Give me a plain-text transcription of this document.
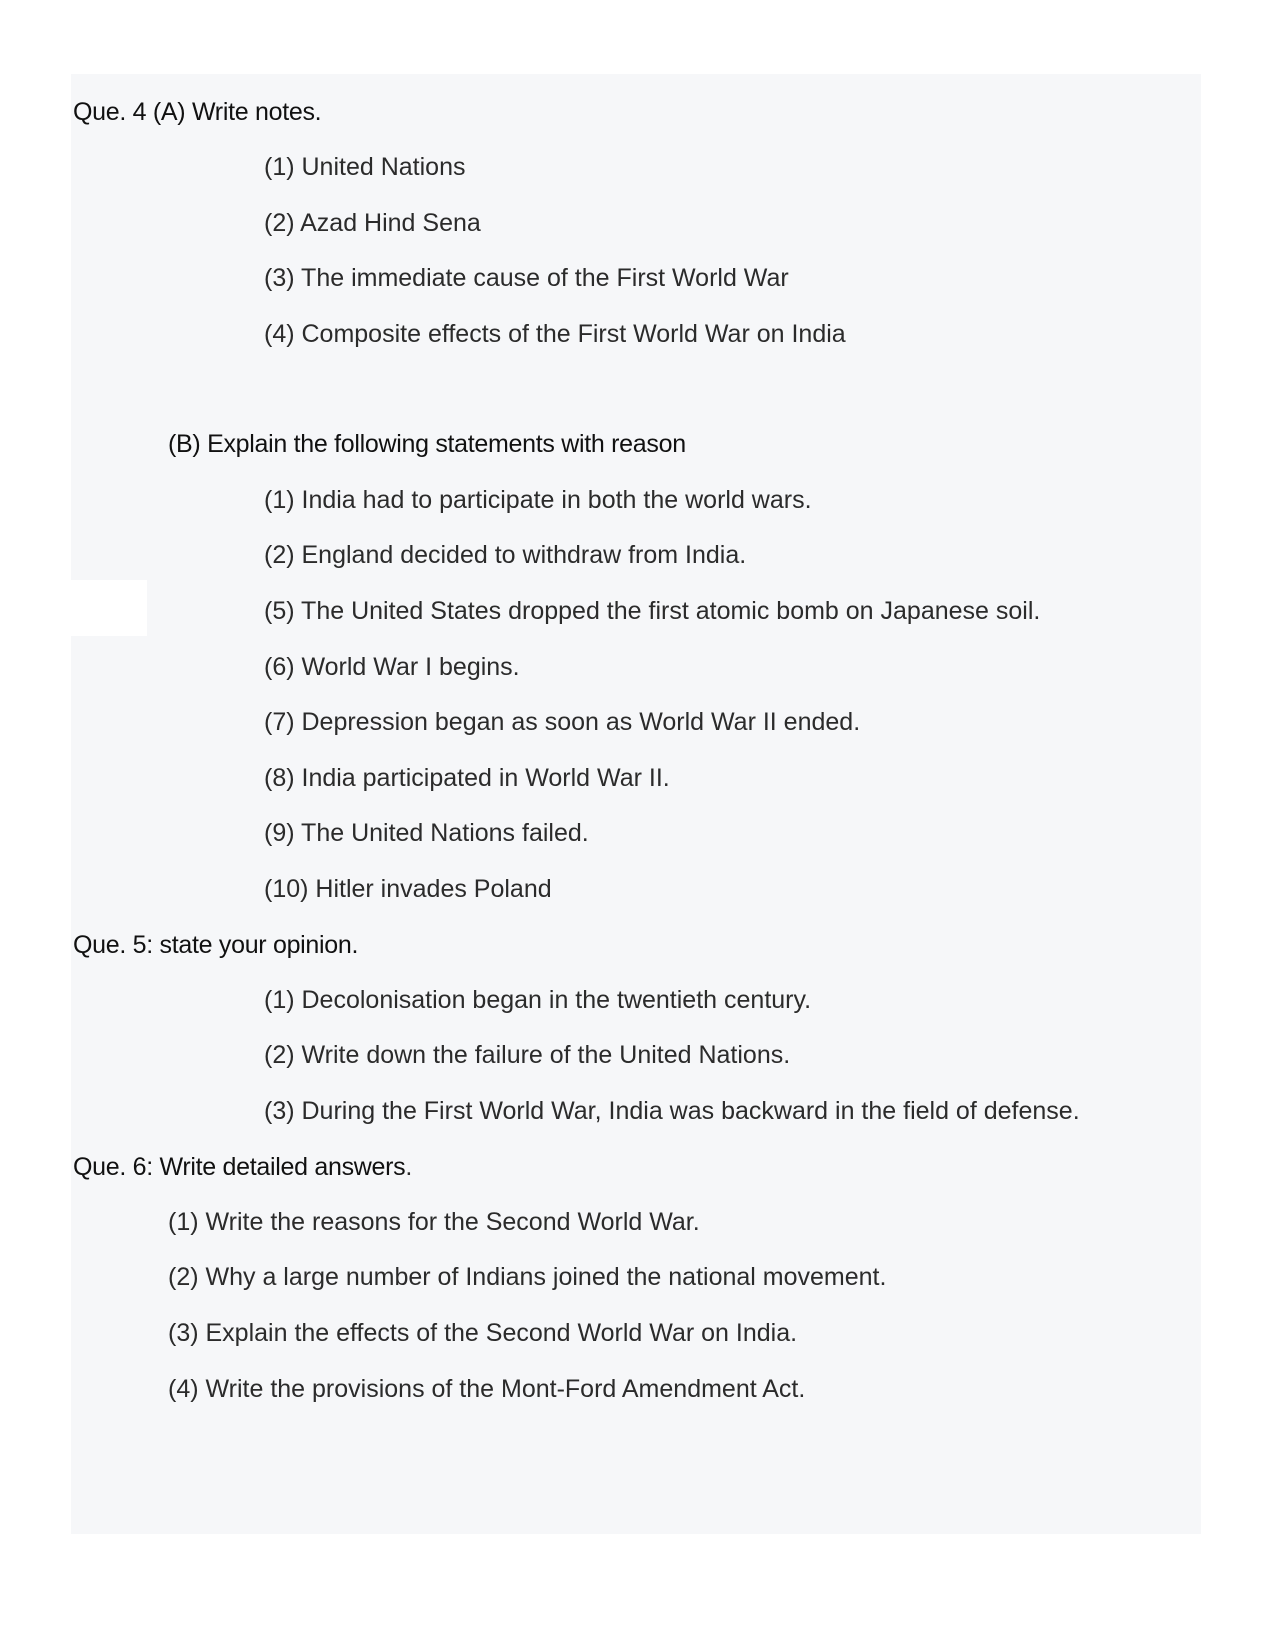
Que. 4 (A) Write notes.
(1) United Nations
(2) Azad Hind Sena
(3) The immediate cause of the First World War
(4) Composite effects of the First World War on India
(B) Explain the following statements with reason
(1) India had to participate in both the world wars.
(2) England decided to withdraw from India.
(5) The United States dropped the first atomic bomb on Japanese soil.
(6) World War I begins.
(7) Depression began as soon as World War II ended.
(8) India participated in World War II.
(9) The United Nations failed.
(10) Hitler invades Poland
Que. 5: state your opinion.
(1) Decolonisation began in the twentieth century.
(2) Write down the failure of the United Nations.
(3) During the First World War, India was backward in the field of defense.
Que. 6: Write detailed answers.
(1) Write the reasons for the Second World War.
(2) Why a large number of Indians joined the national movement.
(3) Explain the effects of the Second World War on India.
(4) Write the provisions of the Mont-Ford Amendment Act.
